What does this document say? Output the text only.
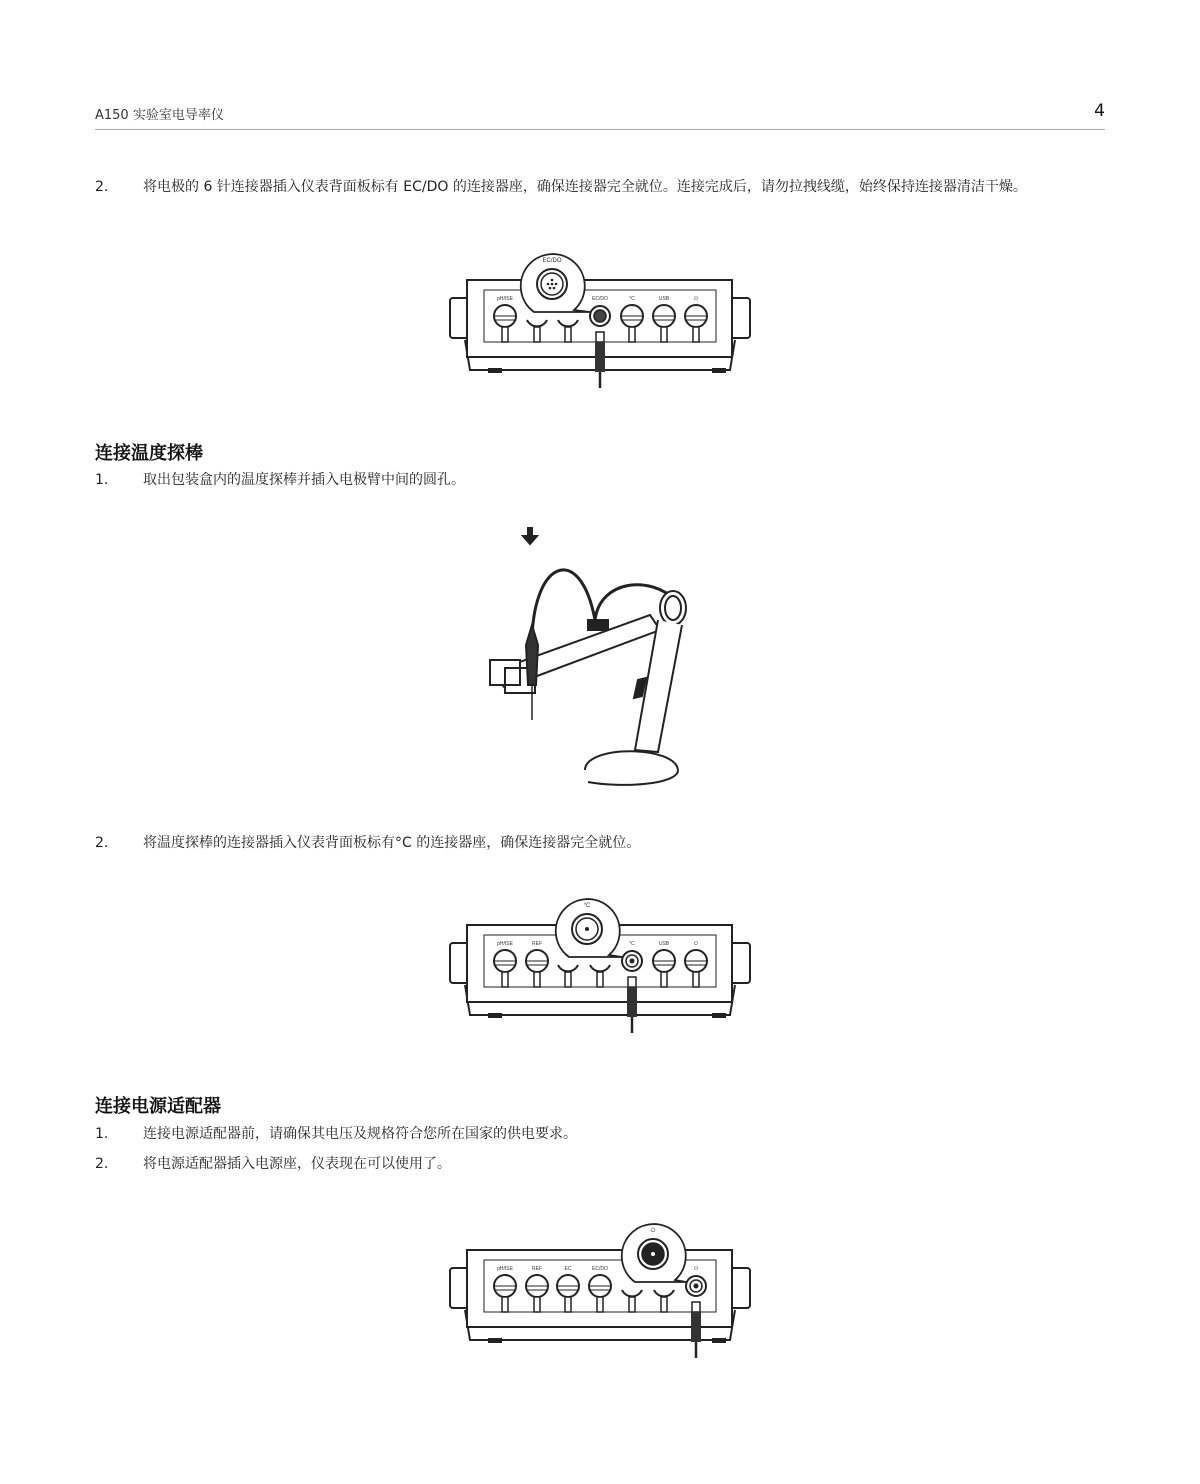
A150 实验室电导率仪	4
2.	将电极的 6 针连接器插入仪表背面板标有 EC/DO 的连接器座，确保连接器完全就位。连接完成后，请勿拉拽线缆，始终保持连接器清洁干燥。
EC/DO
pH/ISE	EC/DO	°C	USB	⏻
连接温度探棒
1.	取出包装盒内的温度探棒并插入电极臂中间的圆孔。
2.	将温度探棒的连接器插入仪表背面板标有°C 的连接器座，确保连接器完全就位。
°C
pH/ISE	REF	°C	USB	⏻
连接电源适配器
1.	连接电源适配器前，请确保其电压及规格符合您所在国家的供电要求。
2.	将电源适配器插入电源座，仪表现在可以使用了。
⏻
pH/ISE	REF	EC	EC/DO	⏻
